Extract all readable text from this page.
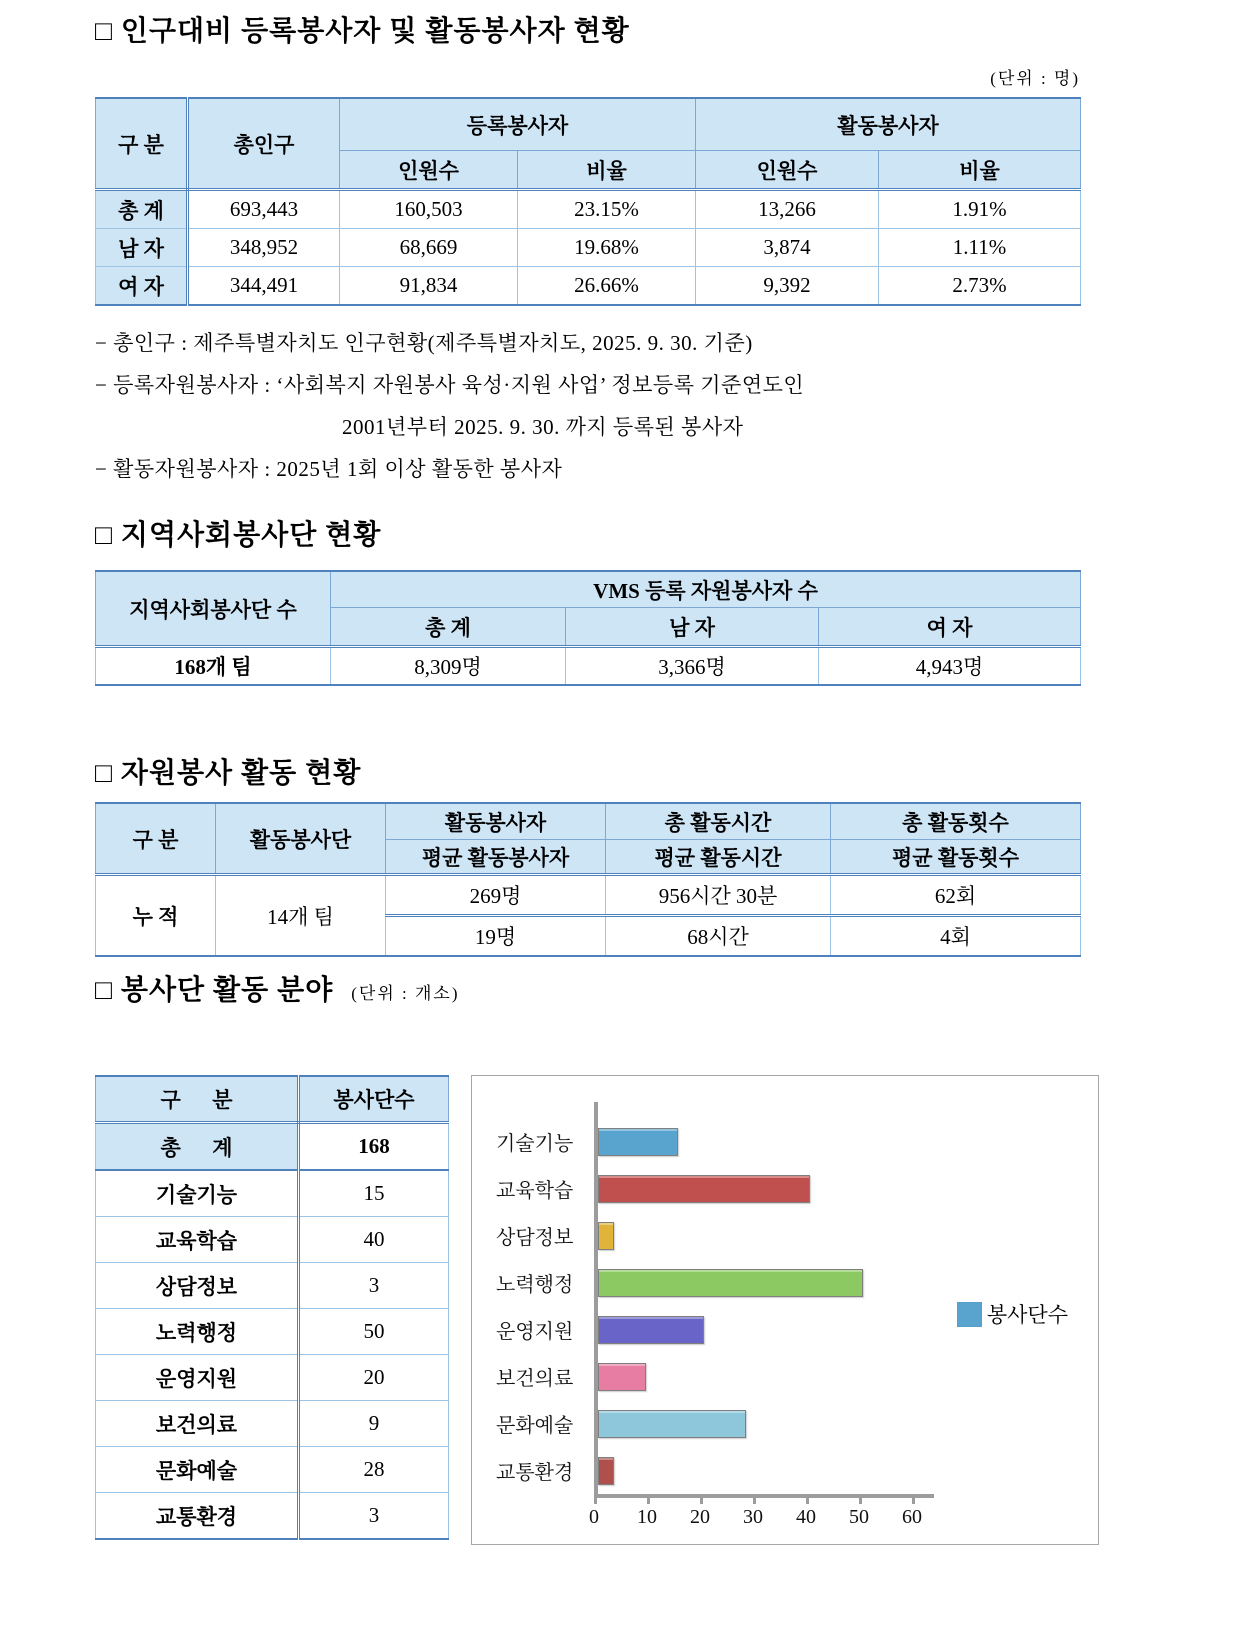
□ 인구대비 등록봉사자 및 활동봉사자 현황
(단위 : 명)
구 분	총인구	등록봉사자		활동봉사자	
		인원수	비율	인원수	비율
총 계	693,443	160,503	23.15%	13,266	1.91%
남 자	348,952	68,669	19.68%	3,874	1.11%
여 자	344,491	91,834	26.66%	9,392	2.73%
− 총인구 : 제주특별자치도 인구현황(제주특별자치도, 2025. 9. 30. 기준)
− 등록자원봉사자 : ‘사회복지 자원봉사 육성·지원 사업’ 정보등록 기준연도인
2001년부터 2025. 9. 30. 까지 등록된 봉사자
− 활동자원봉사자 : 2025년 1회 이상 활동한 봉사자
□ 지역사회봉사단 현황
지역사회봉사단 수	VMS 등록 자원봉사자 수		
	총 계	남 자	여 자
168개 팀	8,309명	3,366명	4,943명
□ 자원봉사 활동 현황
구 분	활동봉사단	활동봉사자	총 활동시간	총 활동횟수
		평균 활동봉사자	평균 활동시간	평균 활동횟수
누 적	14개 팀	269명	956시간 30분	62회
		19명	68시간	4회
□ 봉사단 활동 분야 (단위 : 개소)
구      분	봉사단수
총      계	168
기술기능	15
교육학습	40
상담정보	3
노력행정	50
운영지원	20
보건의료	9
문화예술	28
교통환경	3
기술기능
교육학습
상담정보
노력행정
운영지원
보건의료
문화예술
교통환경
0 10 20 30 40 50 60
봉사단수
